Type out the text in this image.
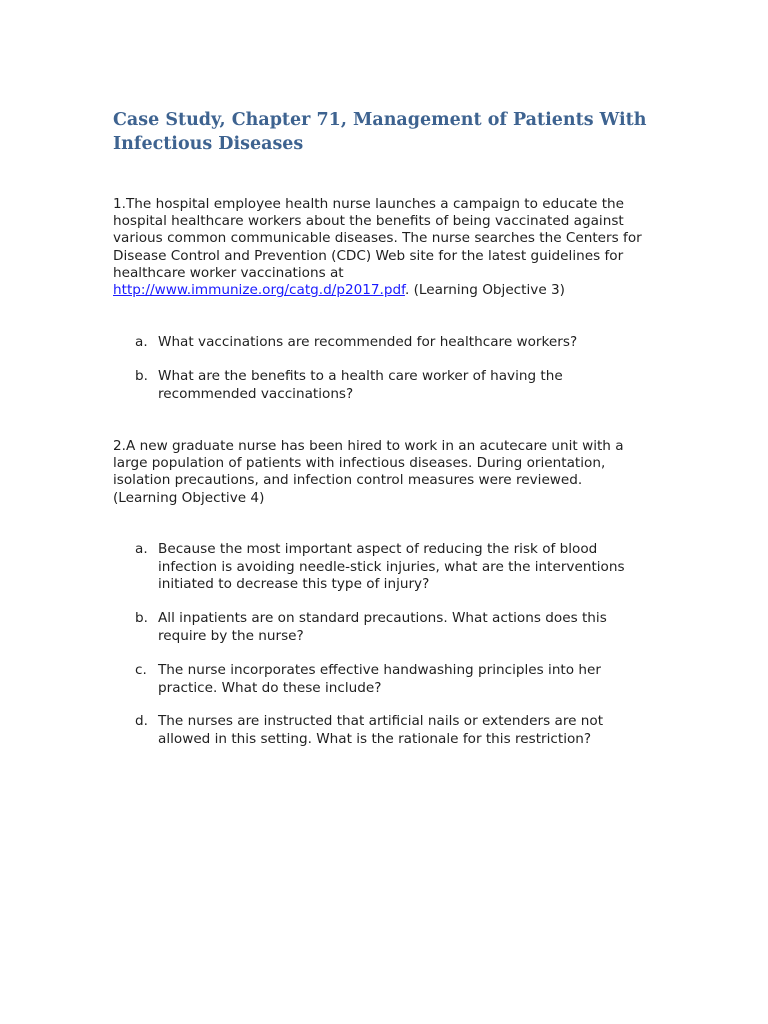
Case Study, Chapter 71, Management of Patients With
Infectious Diseases
1.The hospital employee health nurse launches a campaign to educate the
hospital healthcare workers about the benefits of being vaccinated against
various common communicable diseases. The nurse searches the Centers for
Disease Control and Prevention (CDC) Web site for the latest guidelines for
healthcare worker vaccinations at
http://www.immunize.org/catg.d/p2017.pdf. (Learning Objective 3)
a. What vaccinations are recommended for healthcare workers?
b. What are the benefits to a health care worker of having the
recommended vaccinations?
2.A new graduate nurse has been hired to work in an acutecare unit with a
large population of patients with infectious diseases. During orientation,
isolation precautions, and infection control measures were reviewed.
(Learning Objective 4)
a. Because the most important aspect of reducing the risk of blood
infection is avoiding needle-stick injuries, what are the interventions
initiated to decrease this type of injury?
b. All inpatients are on standard precautions. What actions does this
require by the nurse?
c. The nurse incorporates effective handwashing principles into her
practice. What do these include?
d. The nurses are instructed that artificial nails or extenders are not
allowed in this setting. What is the rationale for this restriction?
